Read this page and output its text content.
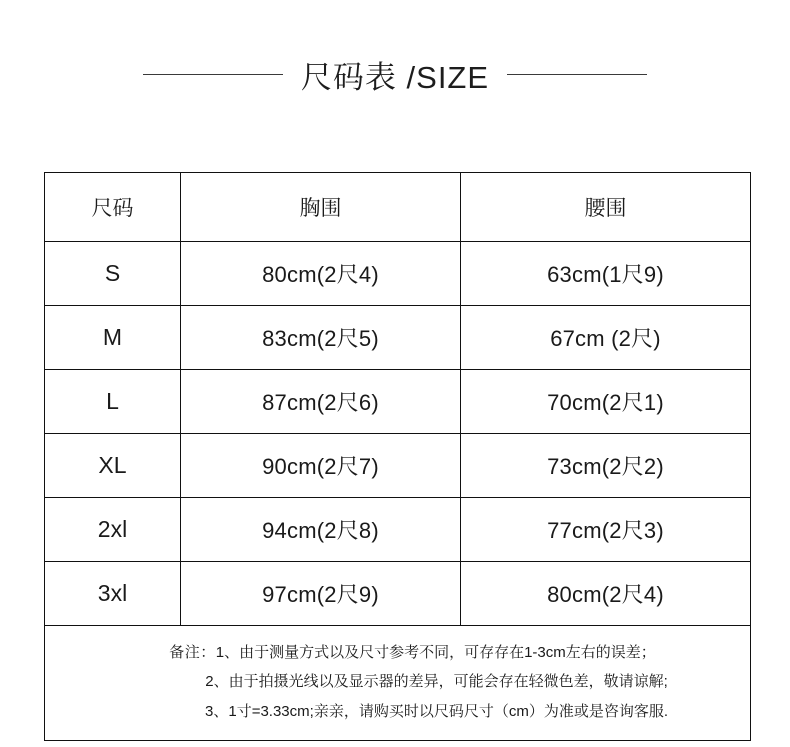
尺码表 /SIZE
尺码	胸围	腰围
S	80cm(2尺4)	63cm(1尺9)
M	83cm(2尺5)	67cm (2尺)
L	87cm(2尺6)	70cm(2尺1)
XL	90cm(2尺7)	73cm(2尺2)
2xl	94cm(2尺8)	77cm(2尺3)
3xl	97cm(2尺9)	80cm(2尺4)

备注：1、由于测量方式以及尺寸参考不同，可存存在1-3cm左右的误差；
2、由于拍摄光线以及显示器的差异，可能会存在轻微色差，敬请谅解;
3、1寸=3.33cm;亲亲，请购买时以尺码尺寸（cm）为准或是咨询客服.		
